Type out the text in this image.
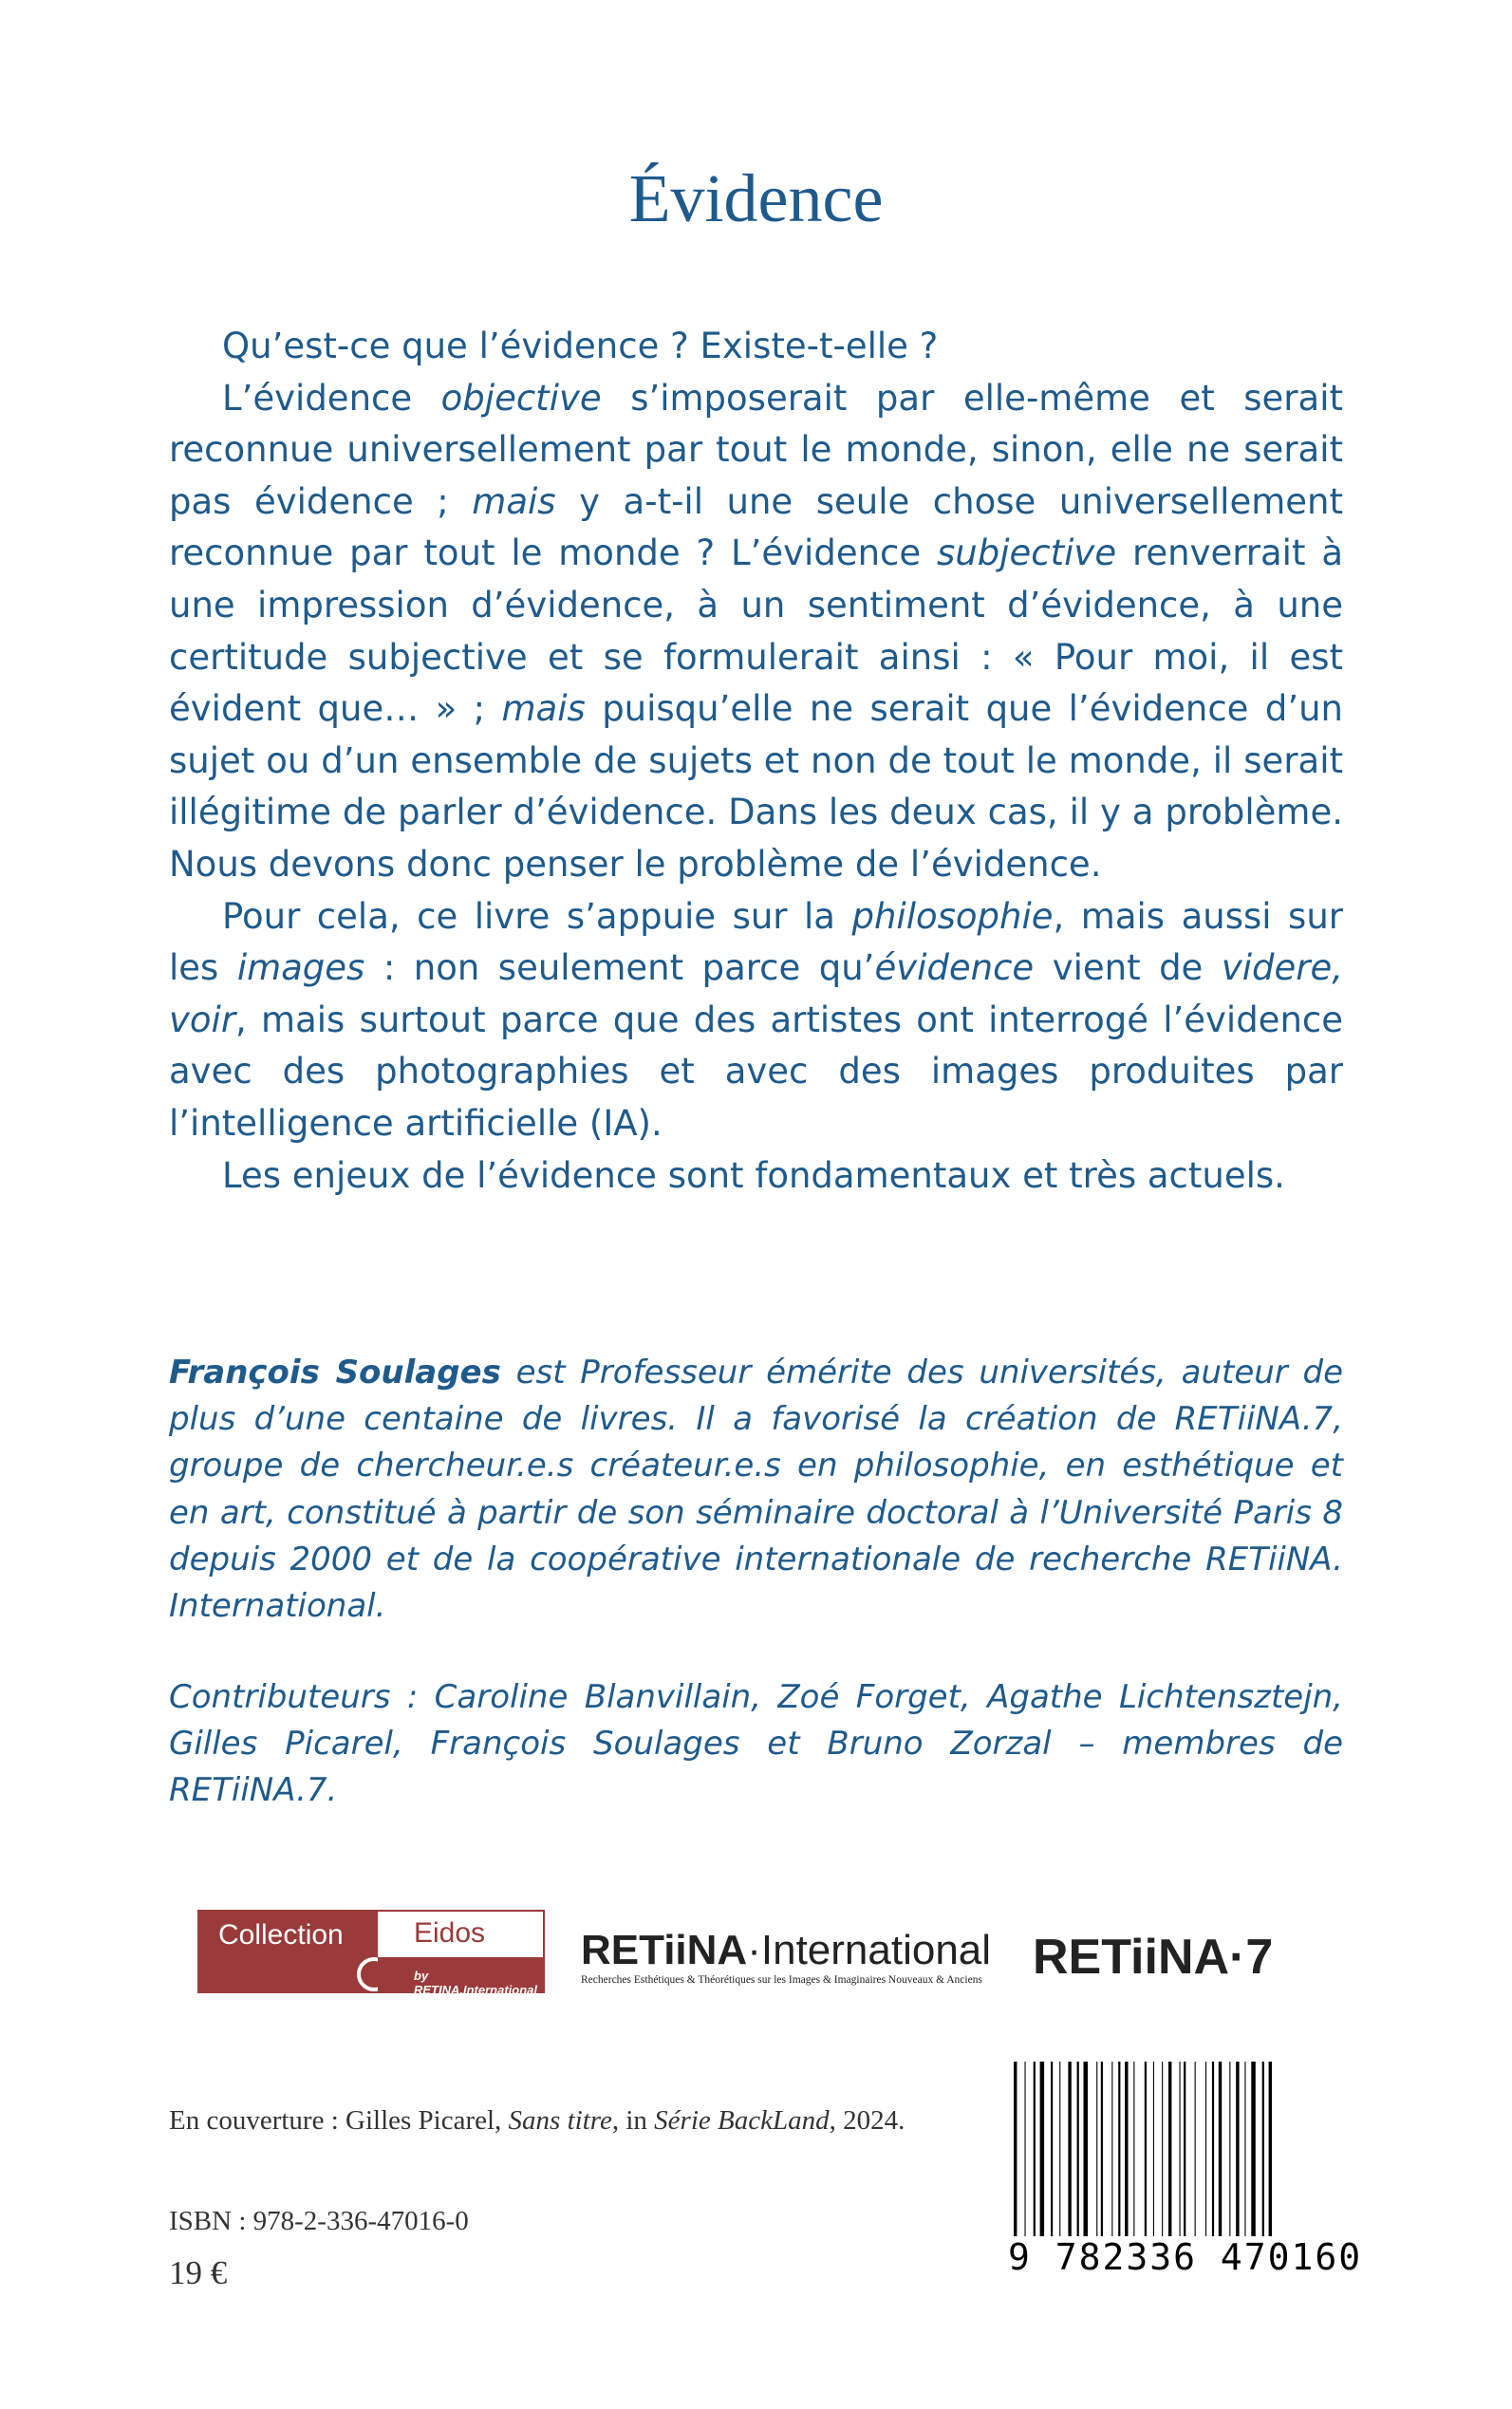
Évidence

Qu’est-ce que l’évidence ? Existe-t-elle ?

L’évidence objective s’imposerait par elle-même et serait reconnue universellement par tout le monde, sinon, elle ne serait pas évidence ; mais y a-t-il une seule chose universellement reconnue par tout le monde ? L’évidence subjective renverrait à une impression d’évidence, à un sentiment d’évidence, à une certitude subjective et se formulerait ainsi : « Pour moi, il est évident que… » ; mais puisqu’elle ne serait que l’évidence d’un sujet ou d’un ensemble de sujets et non de tout le monde, il serait illégitime de parler d’évidence. Dans les deux cas, il y a problème. Nous devons donc penser le problème de l’évidence.

Pour cela, ce livre s’appuie sur la philosophie, mais aussi sur les images : non seulement parce qu’évidence vient de videre, voir, mais surtout parce que des artistes ont interrogé l’évidence avec des photographies et avec des images produites par l’intelligence artificielle (IA).

Les enjeux de l’évidence sont fondamentaux et très actuels.

François Soulages est Professeur émérite des universités, auteur de plus d’une centaine de livres. Il a favorisé la création de RETiiNA.7, groupe de chercheur.e.s créateur.e.s en philosophie, en esthétique et en art, constitué à partir de son séminaire doctoral à l’Université Paris 8 depuis 2000 et de la coopérative internationale de recherche RETiiNA. International.

Contributeurs : Caroline Blanvillain, Zoé Forget, Agathe Lichtensztejn, Gilles Picarel, François Soulages et Bruno Zorzal – membres de RETiiNA.7.

Collection Eidos
by RETINA.International
RETiiNA·International
Recherches Esthétiques & Théorétiques sur les Images & Imaginaires Nouveaux & Anciens RETiiNA·7
En couverture : Gilles Picarel, Sans titre, in Série BackLand, 2024.
ISBN : 978-2-336-47016-0
19 €	9 782336 470160
